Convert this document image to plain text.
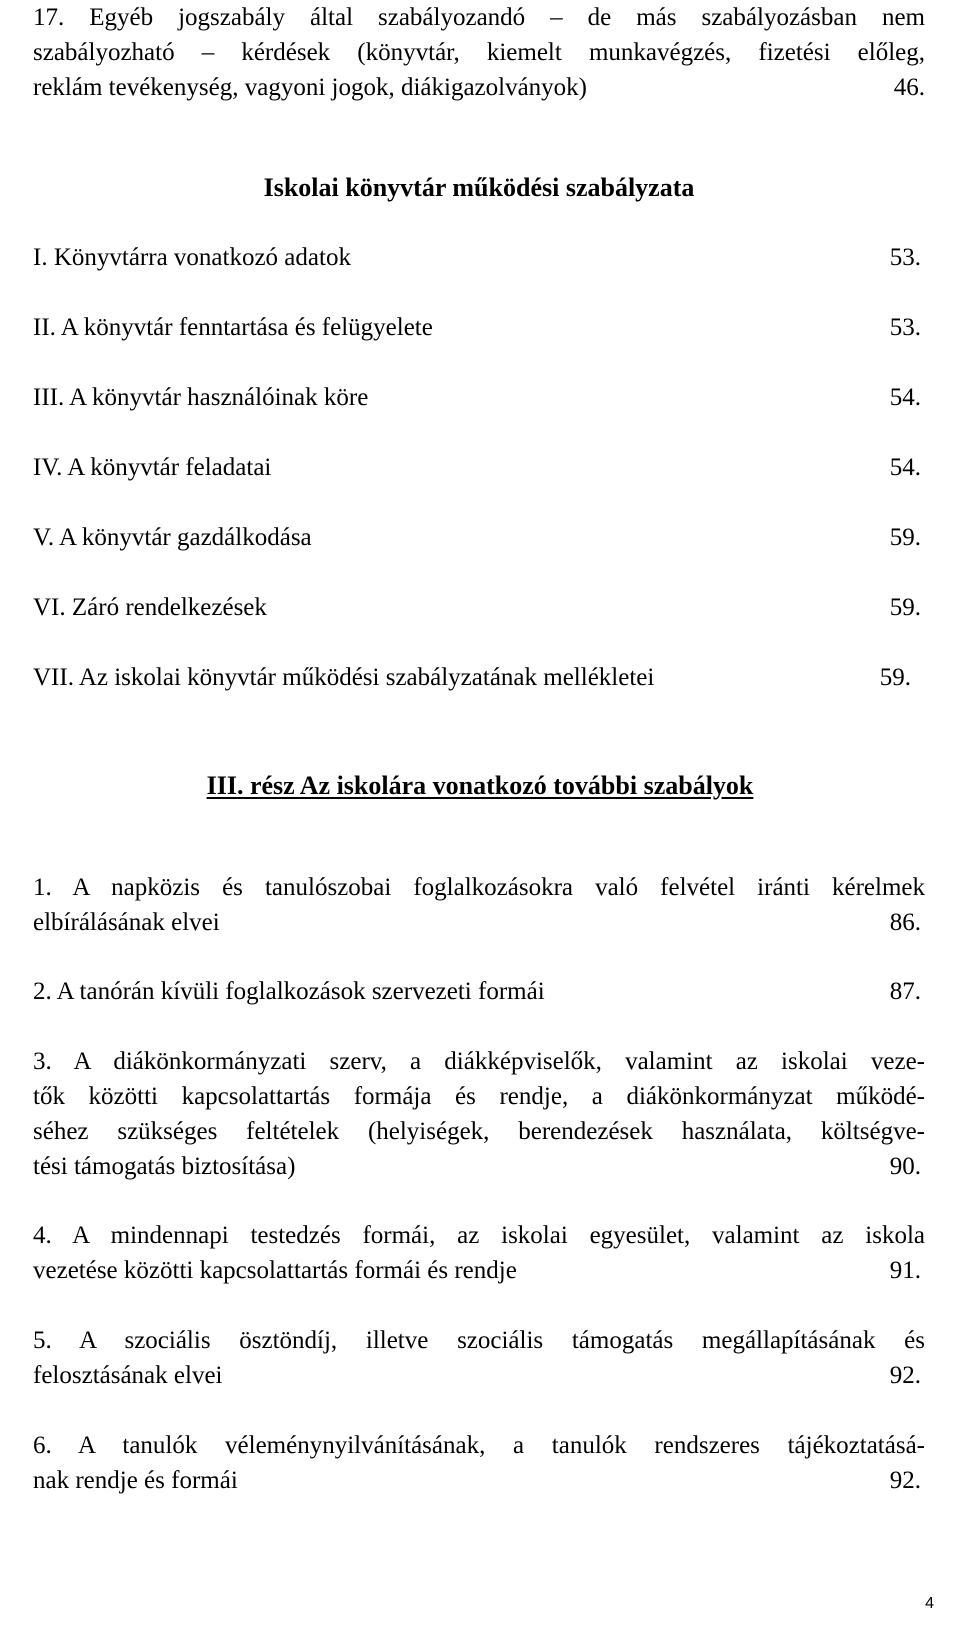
17. Egyéb jogszabály által szabályozandó – de más szabályozásban nem
szabályozható – kérdések (könyvtár, kiemelt munkavégzés, fizetési előleg,
reklám tevékenység, vagyoni jogok, diákigazolványok)	46.
Iskolai könyvtár működési szabályzata
I. Könyvtárra vonatkozó adatok	53.
II. A könyvtár fenntartása és felügyelete	53.
III. A könyvtár használóinak köre	54.
IV. A könyvtár feladatai	54.
V. A könyvtár gazdálkodása	59.
VI. Záró rendelkezések	59.
VII. Az iskolai könyvtár működési szabályzatának mellékletei	59.
III. rész Az iskolára vonatkozó további szabályok
1. A napközis és tanulószobai foglalkozásokra való felvétel iránti kérelmek
elbírálásának elvei	86.
2. A tanórán kívüli foglalkozások szervezeti formái	87.
3. A diákönkormányzati szerv, a diákképviselők, valamint az iskolai veze-
tők közötti kapcsolattartás formája és rendje, a diákönkormányzat működé-
séhez szükséges feltételek (helyiségek, berendezések használata, költségve-
tési támogatás biztosítása)	90.
4. A mindennapi testedzés formái, az iskolai egyesület, valamint az iskola
vezetése közötti kapcsolattartás formái és rendje	91.
5. A szociális ösztöndíj, illetve szociális támogatás megállapításának és
felosztásának elvei	92.
6. A tanulók véleménynyilvánításának, a tanulók rendszeres tájékoztatásá-
nak rendje és formái	92.
4
